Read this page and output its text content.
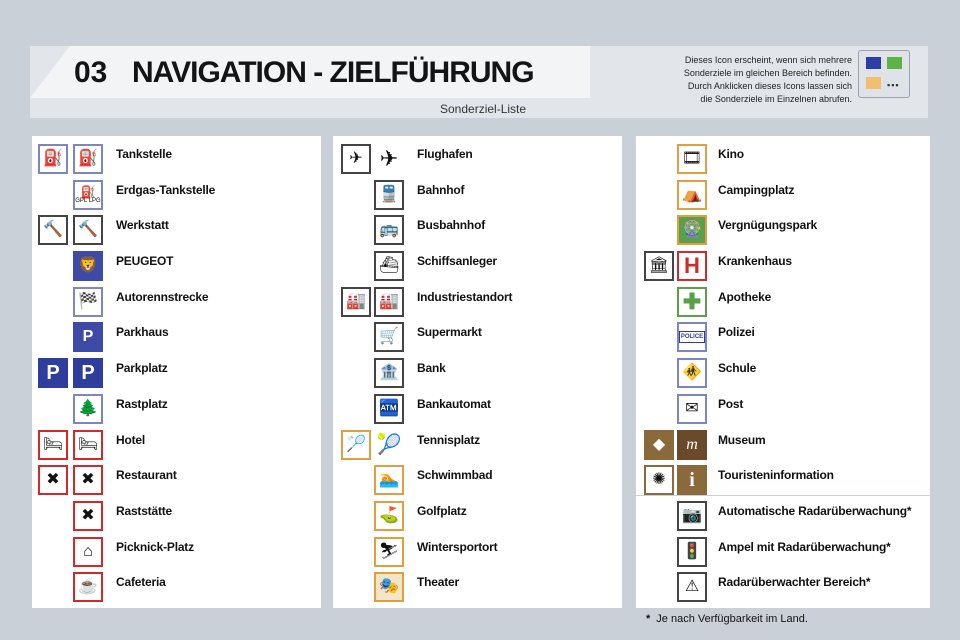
03 NAVIGATION - ZIELFÜHRUNG
Sonderziel-Liste
Dieses Icon erscheint, wenn sich mehrere
Sonderziele im gleichen Bereich befinden.
Durch Anklicken dieses Icons lassen sich
die Sonderziele im Einzelnen abrufen.
▪▪▪
⛽ ⛽ Tankstelle
⛽
GPL LPG
Erdgas-Tankstelle
🔨 🔨 Werkstatt
🦁 PEUGEOT
🏁 Autorennstrecke
P Parkhaus
P P Parkplatz
🌲 Rastplatz
🛏 🛏 Hotel
✖ ✖ Restaurant
✖ Raststätte
⌂ Picknick-Platz
☕ Cafeteria
✈ ✈ Flughafen
🚆 Bahnhof
🚌 Busbahnhof
⛴ Schiffsanleger
🏭 🏭 Industriestandort
🛒 Supermarkt
🏦 Bank
🏧 Bankautomat
🏸 🎾 Tennisplatz
🏊 Schwimmbad
⛳ Golfplatz
⛷ Wintersportort
🎭 Theater
🎞 Kino
⛺ Campingplatz
🎡 Vergnügungspark
🏛 H Krankenhaus
✚ Apotheke
POLICE Polizei
🚸 Schule
✉ Post
◆ m Museum
✺ i Touristeninformation
📷 Automatische Radarüberwachung*
🚦 Ampel mit Radarüberwachung*
⚠ Radarüberwachter Bereich*
* Je nach Verfügbarkeit im Land.
